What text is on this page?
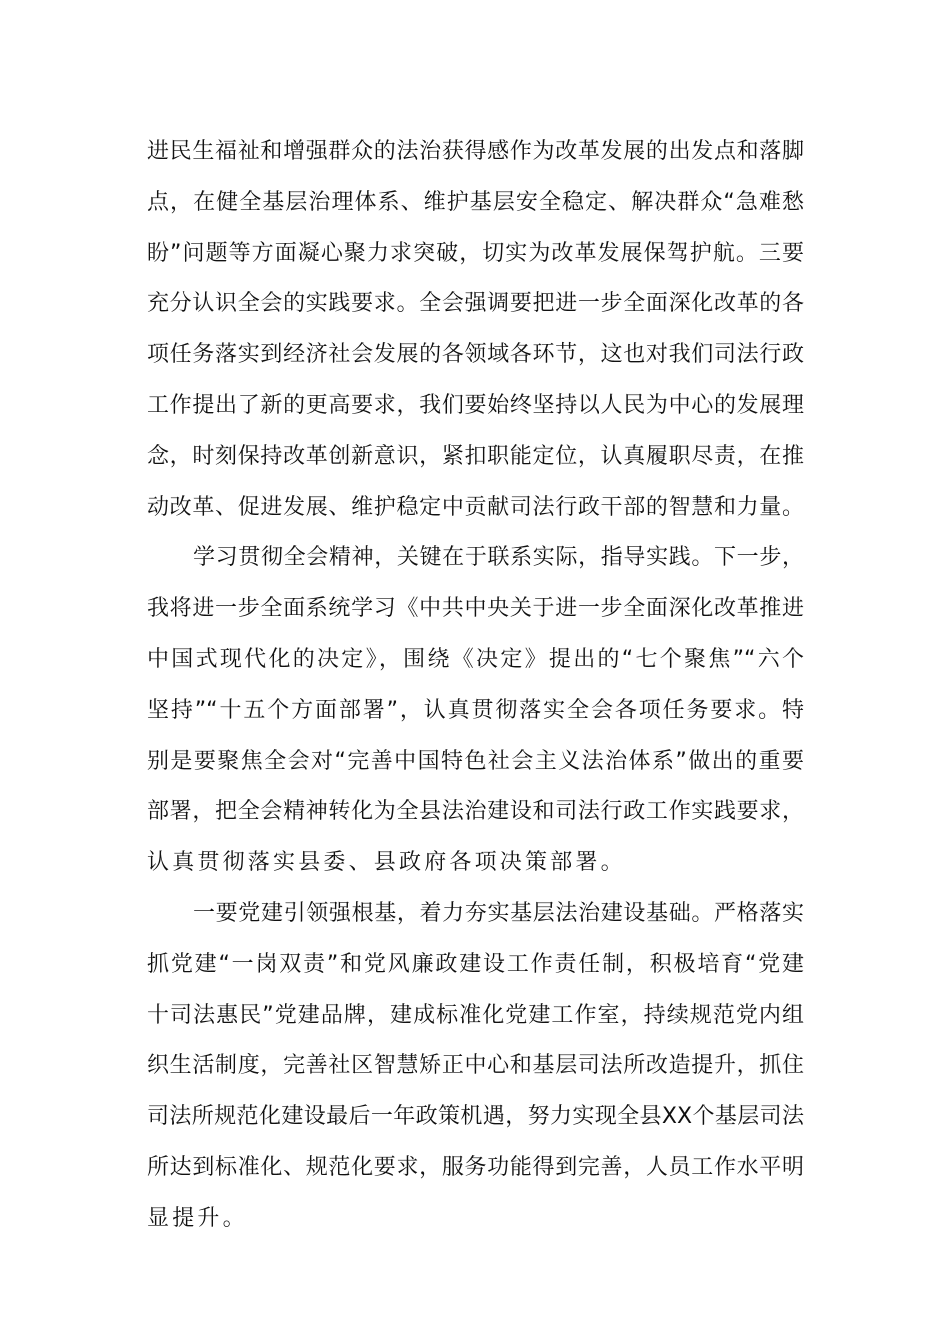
进民生福祉和增强群众的法治获得感作为改革发展的出发点和落脚
点，在健全基层治理体系、维护基层安全稳定、解决群众“急难愁
盼”问题等方面凝心聚力求突破，切实为改革发展保驾护航。三要
充分认识全会的实践要求。全会强调要把进一步全面深化改革的各
项任务落实到经济社会发展的各领域各环节，这也对我们司法行政
工作提出了新的更高要求，我们要始终坚持以人民为中心的发展理
念，时刻保持改革创新意识，紧扣职能定位，认真履职尽责，在推
动改革、促进发展、维护稳定中贡献司法行政干部的智慧和力量。
学习贯彻全会精神，关键在于联系实际，指导实践。下一步，
我将进一步全面系统学习《中共中央关于进一步全面深化改革推进
中国式现代化的决定》，围绕《决定》提出的“七个聚焦”“六个
坚持”“十五个方面部署”，认真贯彻落实全会各项任务要求。特
别是要聚焦全会对“完善中国特色社会主义法治体系”做出的重要
部署，把全会精神转化为全县法治建设和司法行政工作实践要求，
认真贯彻落实县委、县政府各项决策部署。
一要党建引领强根基，着力夯实基层法治建设基础。严格落实
抓党建“一岗双责”和党风廉政建设工作责任制，积极培育“党建
十司法惠民”党建品牌，建成标准化党建工作室，持续规范党内组
织生活制度，完善社区智慧矫正中心和基层司法所改造提升，抓住
司法所规范化建设最后一年政策机遇，努力实现全县XX个基层司法
所达到标准化、规范化要求，服务功能得到完善，人员工作水平明
显提升。
